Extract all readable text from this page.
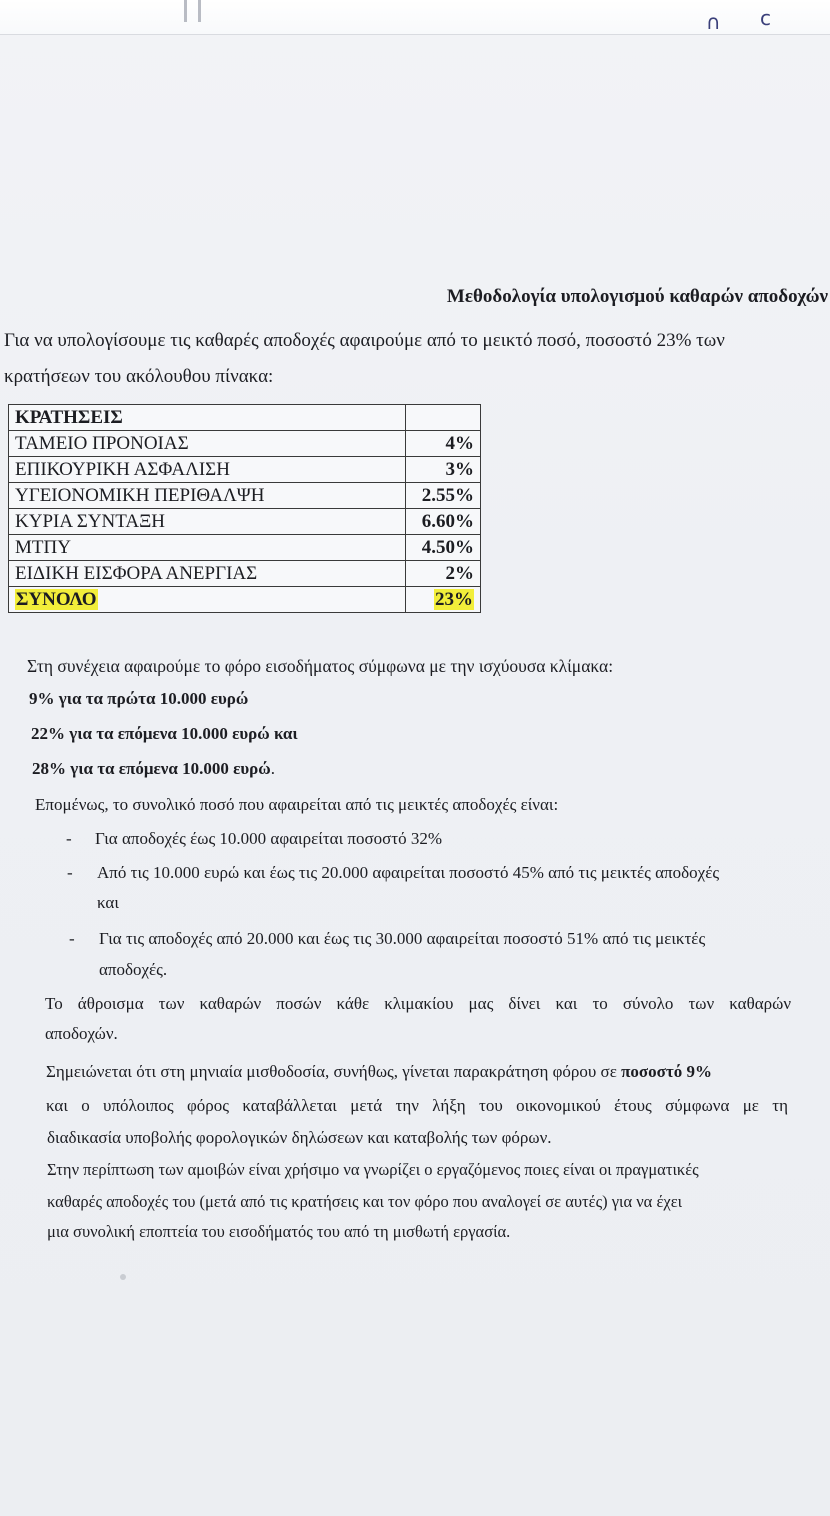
∩ ᴄ
Μεθοδολογία υπολογισμού καθαρών αποδοχών
Για να υπολογίσουμε τις καθαρές αποδοχές αφαιρούμε από το μεικτό ποσό, ποσοστό 23% των
κρατήσεων του ακόλουθου πίνακα:
ΚΡΑΤΗΣΕΙΣ	
ΤΑΜΕΙΟ ΠΡΟΝΟΙΑΣ	4%
ΕΠΙΚΟΥΡΙΚΗ ΑΣΦΑΛΙΣΗ	3%
ΥΓΕΙΟΝΟΜΙΚΗ ΠΕΡΙΘΑΛΨΗ	2.55%
ΚΥΡΙΑ ΣΥΝΤΑΞΗ	6.60%
ΜΤΠΥ	4.50%
ΕΙΔΙΚΗ ΕΙΣΦΟΡΑ ΑΝΕΡΓΙΑΣ	2%
ΣΥΝΟΛΟ	23%
Στη συνέχεια αφαιρούμε το φόρο εισοδήματος σύμφωνα με την ισχύουσα κλίμακα:
9% για τα πρώτα 10.000 ευρώ
22% για τα επόμενα 10.000 ευρώ και
28% για τα επόμενα 10.000 ευρώ.
Επομένως, το συνολικό ποσό που αφαιρείται από τις μεικτές αποδοχές είναι:
- Για αποδοχές έως 10.000 αφαιρείται ποσοστό 32%
- Από τις 10.000 ευρώ και έως τις 20.000 αφαιρείται ποσοστό 45% από τις μεικτές αποδοχές
και
- Για τις αποδοχές από 20.000 και έως τις 30.000 αφαιρείται ποσοστό 51% από τις μεικτές
αποδοχές.
Το άθροισμα των καθαρών ποσών κάθε κλιμακίου μας δίνει και το σύνολο των καθαρών
αποδοχών.
Σημειώνεται ότι στη μηνιαία μισθοδοσία, συνήθως, γίνεται παρακράτηση φόρου σε ποσοστό 9%
και ο υπόλοιπος φόρος καταβάλλεται μετά την λήξη του οικονομικού έτους σύμφωνα με τη
διαδικασία υποβολής φορολογικών δηλώσεων και καταβολής των φόρων.
Στην περίπτωση των αμοιβών είναι χρήσιμο να γνωρίζει ο εργαζόμενος ποιες είναι οι πραγματικές
καθαρές αποδοχές του (μετά από τις κρατήσεις και τον φόρο που αναλογεί σε αυτές) για να έχει
μια συνολική εποπτεία του εισοδήματός του από τη μισθωτή εργασία.
